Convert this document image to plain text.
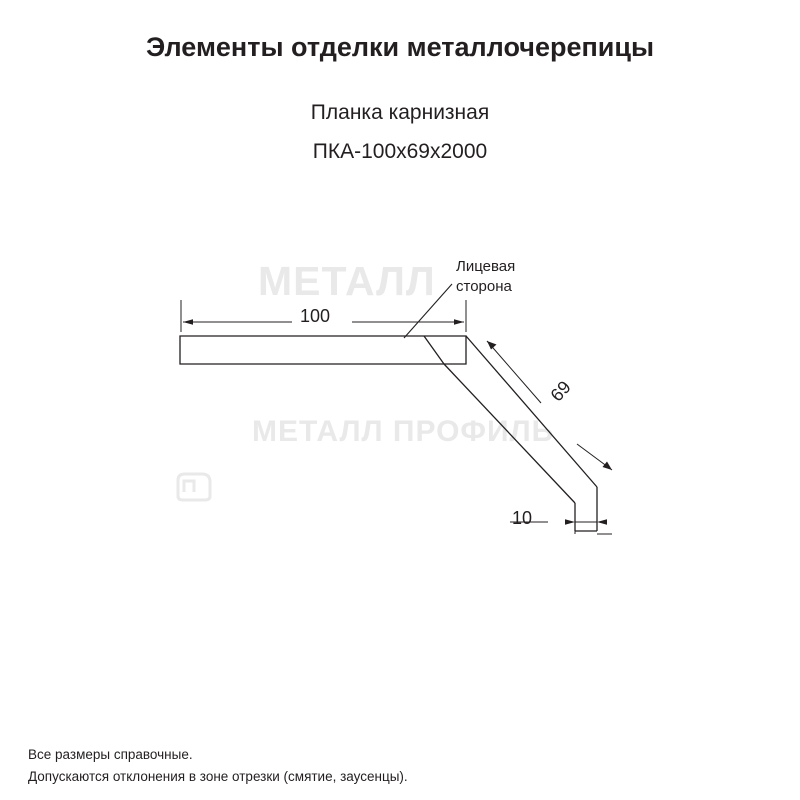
Элементы отделки металлочерепицы
Планка карнизная
ПКА-100х69х2000
МЕТАЛЛ
МЕТАЛЛ ПРОФИЛЬ
100
69
10
Лицевая
сторона
Все размеры справочные.
Допускаются отклонения в зоне отрезки (смятие, заусенцы).
